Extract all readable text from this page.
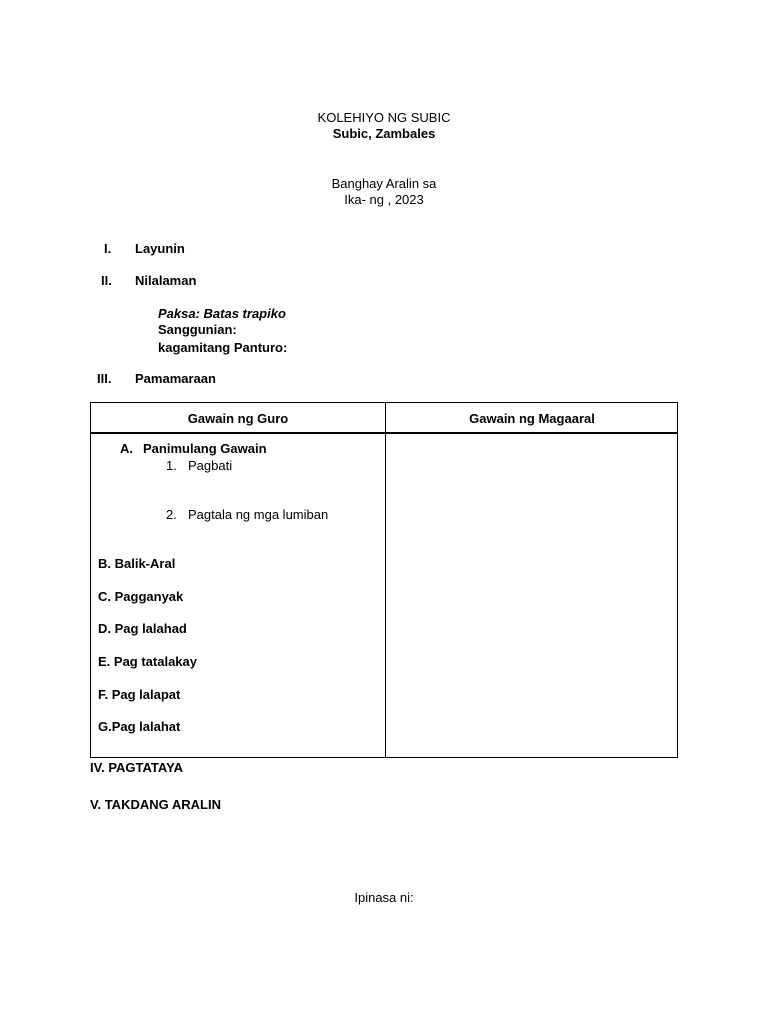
KOLEHIYO NG SUBIC
Subic, Zambales
Banghay Aralin sa
Ika- ng , 2023
I. Layunin
II. Nilalaman
Paksa: Batas trapiko
Sanggunian:
kagamitang Panturo:
III. Pamamaraan
Gawain ng Guro	Gawain ng Magaaral
A. Panimulang Gawain
1. Pagbati
2. Pagtala ng mga lumiban
B. Balik-Aral
C. Pagganyak
D. Pag lalahad
E. Pag tatalakay
F. Pag lalapat
G.Pag lalahat
IV. PAGTATAYA
V. TAKDANG ARALIN
Ipinasa ni:
